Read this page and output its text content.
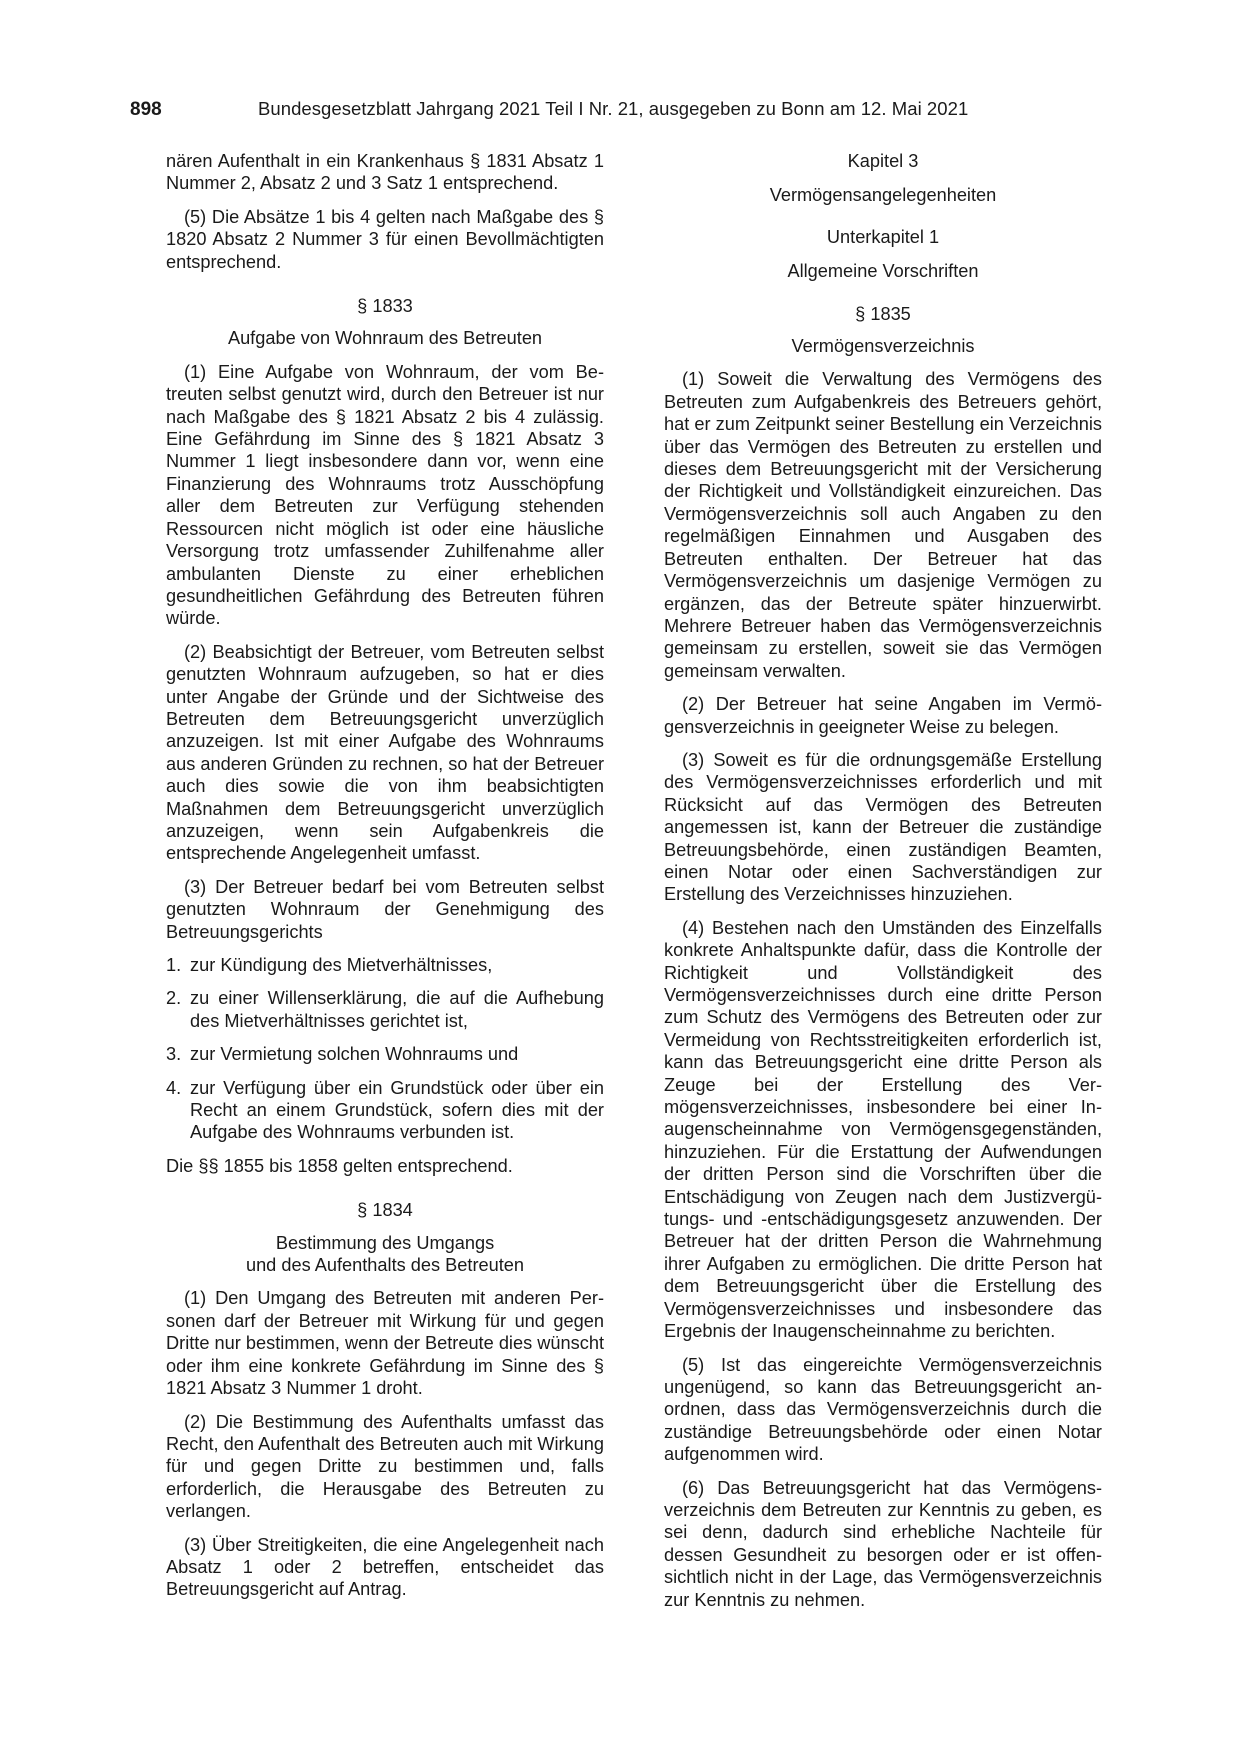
898	Bundesgesetzblatt Jahrgang 2021 Teil I Nr. 21, ausgegeben zu Bonn am 12. Mai 2021

nären Aufenthalt in ein Krankenhaus § 1831 Absatz 1 Nummer 2, Absatz 2 und 3 Satz 1 entsprechend.

(5) Die Absätze 1 bis 4 gelten nach Maßgabe des § 1820 Absatz 2 Nummer 3 für einen Bevollmächtigten entsprechend.

§ 1833

Aufgabe von Wohnraum des Betreuten

(1) Eine Aufgabe von Wohnraum, der vom Betreuten selbst genutzt wird, durch den Betreuer ist nur nach Maßgabe des § 1821 Absatz 2 bis 4 zulässig. Eine Gefährdung im Sinne des § 1821 Absatz 3 Nummer 1 liegt insbesondere dann vor, wenn eine Finanzierung des Wohnraums trotz Ausschöpfung aller dem Betreuten zur Verfügung stehenden Ressourcen nicht möglich ist oder eine häusliche Versorgung trotz umfassender Zuhilfenahme aller ambulanten Dienste zu einer erheblichen gesundheitlichen Gefährdung des Betreuten führen würde.

(2) Beabsichtigt der Betreuer, vom Betreuten selbst genutzten Wohnraum aufzugeben, so hat er dies unter Angabe der Gründe und der Sichtweise des Betreuten dem Betreuungsgericht unverzüglich anzuzeigen. Ist mit einer Aufgabe des Wohnraums aus anderen Gründen zu rechnen, so hat der Betreuer auch dies sowie die von ihm beabsichtigten Maßnahmen dem Betreuungsgericht unverzüglich anzuzeigen, wenn sein Aufgabenkreis die entsprechende Angelegenheit umfasst.

(3) Der Betreuer bedarf bei vom Betreuten selbst genutzten Wohnraum der Genehmigung des Betreuungsgerichts

1. zur Kündigung des Mietverhältnisses,
2. zu einer Willenserklärung, die auf die Aufhebung des Mietverhältnisses gerichtet ist,
3. zur Vermietung solchen Wohnraums und
4. zur Verfügung über ein Grundstück oder über ein Recht an einem Grundstück, sofern dies mit der Aufgabe des Wohnraums verbunden ist.

Die §§ 1855 bis 1858 gelten entsprechend.

§ 1834

Bestimmung des Umgangs

und des Aufenthalts des Betreuten

(1) Den Umgang des Betreuten mit anderen Personen darf der Betreuer mit Wirkung für und gegen Dritte nur bestimmen, wenn der Betreute dies wünscht oder ihm eine konkrete Gefährdung im Sinne des § 1821 Absatz 3 Nummer 1 droht.

(2) Die Bestimmung des Aufenthalts umfasst das Recht, den Aufenthalt des Betreuten auch mit Wirkung für und gegen Dritte zu bestimmen und, falls erforderlich, die Herausgabe des Betreuten zu verlangen.

(3) Über Streitigkeiten, die eine Angelegenheit nach Absatz 1 oder 2 betreffen, entscheidet das Betreuungsgericht auf Antrag.

Kapitel 3

Vermögensangelegenheiten

Unterkapitel 1

Allgemeine Vorschriften

§ 1835

Vermögensverzeichnis

(1) Soweit die Verwaltung des Vermögens des Betreuten zum Aufgabenkreis des Betreuers gehört, hat er zum Zeitpunkt seiner Bestellung ein Verzeichnis über das Vermögen des Betreuten zu erstellen und dieses dem Betreuungsgericht mit der Versicherung der Richtigkeit und Vollständigkeit einzureichen. Das Vermögensverzeichnis soll auch Angaben zu den regelmäßigen Einnahmen und Ausgaben des Betreuten enthalten. Der Betreuer hat das Vermögensverzeichnis um dasjenige Vermögen zu ergänzen, das der Betreute später hinzuerwirbt. Mehrere Betreuer haben das Vermögensverzeichnis gemeinsam zu erstellen, soweit sie das Vermögen gemeinsam verwalten.

(2) Der Betreuer hat seine Angaben im Vermögensverzeichnis in geeigneter Weise zu belegen.

(3) Soweit es für die ordnungsgemäße Erstellung des Vermögensverzeichnisses erforderlich und mit Rücksicht auf das Vermögen des Betreuten angemessen ist, kann der Betreuer die zuständige Betreuungsbehörde, einen zuständigen Beamten, einen Notar oder einen Sachverständigen zur Erstellung des Verzeichnisses hinzuziehen.

(4) Bestehen nach den Umständen des Einzelfalls konkrete Anhaltspunkte dafür, dass die Kontrolle der Richtigkeit und Vollständigkeit des Vermögensverzeichnisses durch eine dritte Person zum Schutz des Vermögens des Betreuten oder zur Vermeidung von Rechtsstreitigkeiten erforderlich ist, kann das Betreuungsgericht eine dritte Person als Zeuge bei der Erstellung des Vermögensverzeichnisses, insbesondere bei einer Inaugenscheinnahme von Vermögensgegenständen, hinzuziehen. Für die Erstattung der Aufwendungen der dritten Person sind die Vorschriften über die Entschädigung von Zeugen nach dem Justizvergütungs- und -entschädigungsgesetz anzuwenden. Der Betreuer hat der dritten Person die Wahrnehmung ihrer Aufgaben zu ermöglichen. Die dritte Person hat dem Betreuungsgericht über die Erstellung des Vermögensverzeichnisses und insbesondere das Ergebnis der Inaugenscheinnahme zu berichten.

(5) Ist das eingereichte Vermögensverzeichnis ungenügend, so kann das Betreuungsgericht anordnen, dass das Vermögensverzeichnis durch die zuständige Betreuungsbehörde oder einen Notar aufgenommen wird.

(6) Das Betreuungsgericht hat das Vermögensverzeichnis dem Betreuten zur Kenntnis zu geben, es sei denn, dadurch sind erhebliche Nachteile für dessen Gesundheit zu besorgen oder er ist offensichtlich nicht in der Lage, das Vermögensverzeichnis zur Kenntnis zu nehmen.
